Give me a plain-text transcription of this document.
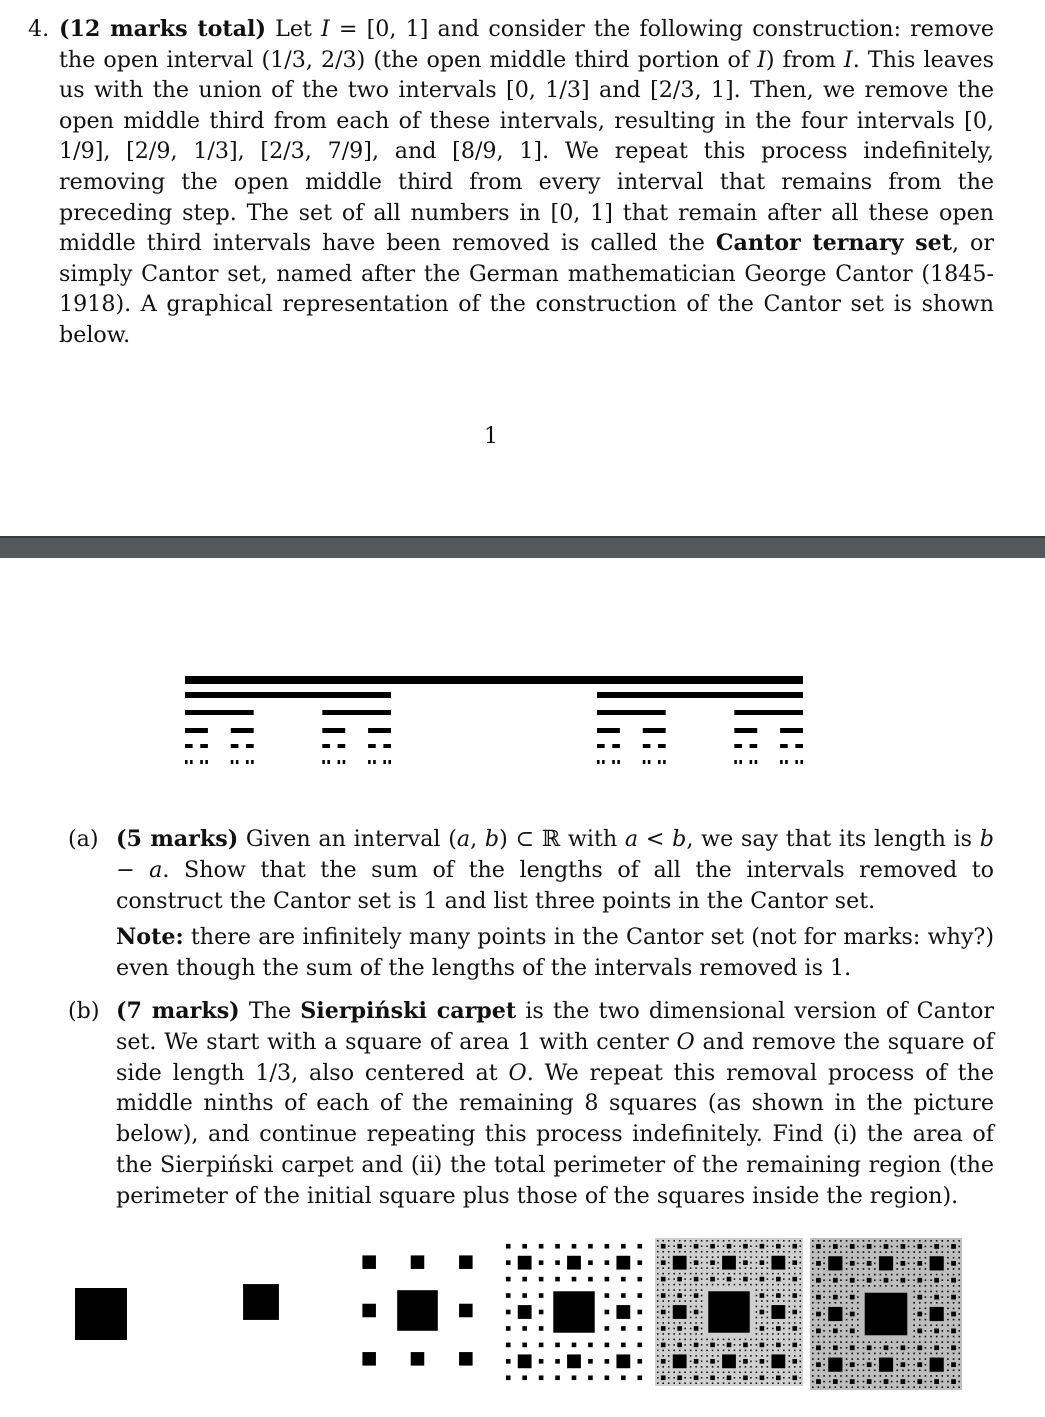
4. (12 marks total) Let I = [0, 1] and consider the following construction: remove the open interval (1/3, 2/3) (the open middle third portion of I) from I. This leaves us with the union of the two intervals [0, 1/3] and [2/3, 1]. Then, we remove the open middle third from each of these intervals, resulting in the four intervals [0, 1/9], [2/9, 1/3], [2/3, 7/9], and [8/9, 1]. We repeat this process indefinitely, removing the open middle third from every interval that remains from the preceding step. The set of all numbers in [0, 1] that remain after all these open middle third intervals have been removed is called the Cantor ternary set, or simply Cantor set, named after the German mathematician George Cantor (1845-1918). A graphical representation of the construction of the Cantor set is shown below.
1
(a) (5 marks) Given an interval (a, b) ⊂ ℝ with a < b, we say that its length is b − a. Show that the sum of the lengths of all the intervals removed to construct the Cantor set is 1 and list three points in the Cantor set.
Note: there are infinitely many points in the Cantor set (not for marks: why?) even though the sum of the lengths of the intervals removed is 1.
(b) (7 marks) The Sierpiński carpet is the two dimensional version of Cantor set. We start with a square of area 1 with center O and remove the square of side length 1/3, also centered at O. We repeat this removal process of the middle ninths of each of the remaining 8 squares (as shown in the picture below), and continue repeating this process indefinitely. Find (i) the area of the Sierpiński carpet and (ii) the total perimeter of the remaining region (the perimeter of the initial square plus those of the squares inside the region).
